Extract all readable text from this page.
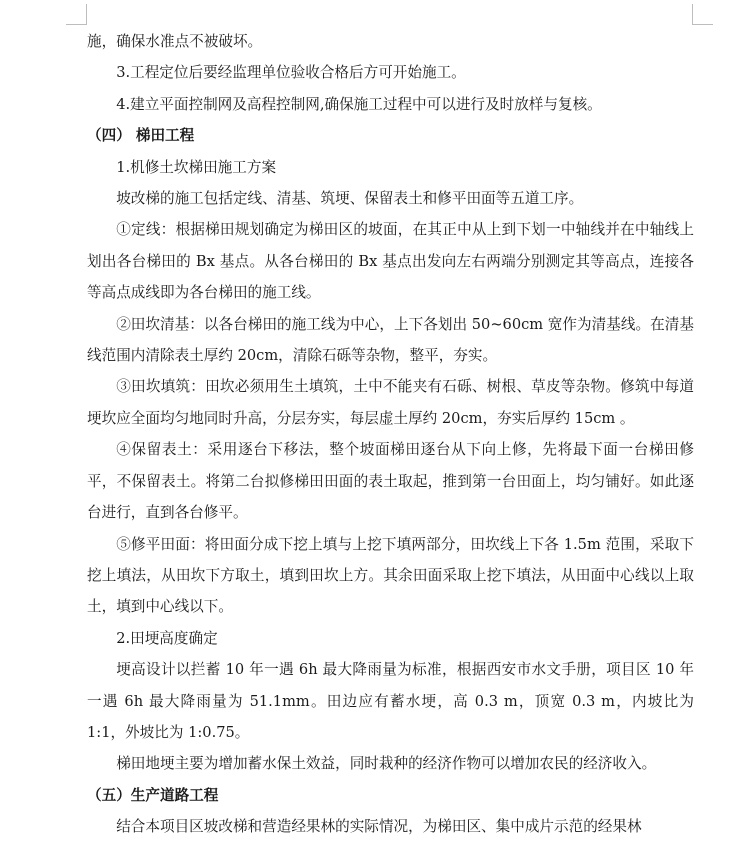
施，确保水准点不被破坏。

3.工程定位后要经监理单位验收合格后方可开始施工。

4.建立平面控制网及高程控制网,确保施工过程中可以进行及时放样与复核。

（四） 梯田工程

1.机修土坎梯田施工方案

坡改梯的施工包括定线、清基、筑埂、保留表土和修平田面等五道工序。

①定线：根据梯田规划确定为梯田区的坡面，在其正中从上到下划一中轴线并在中轴线上划出各台梯田的 Bx 基点。从各台梯田的 Bx 基点出发向左右两端分别测定其等高点，连接各等高点成线即为各台梯田的施工线。

②田坎清基：以各台梯田的施工线为中心，上下各划出 50~60cm 宽作为清基线。在清基线范围内清除表土厚约 20cm，清除石砾等杂物，整平，夯实。

③田坎填筑：田坎必须用生土填筑，土中不能夹有石砾、树根、草皮等杂物。修筑中每道埂坎应全面均匀地同时升高，分层夯实，每层虚土厚约 20cm，夯实后厚约 15cm 。

④保留表土：采用逐台下移法，整个坡面梯田逐台从下向上修，先将最下面一台梯田修平，不保留表土。将第二台拟修梯田田面的表土取起，推到第一台田面上，均匀铺好。如此逐台进行，直到各台修平。

⑤修平田面：将田面分成下挖上填与上挖下填两部分，田坎线上下各 1.5m 范围，采取下挖上填法，从田坎下方取土，填到田坎上方。其余田面采取上挖下填法，从田面中心线以上取土，填到中心线以下。

2.田埂高度确定

埂高设计以拦蓄 10 年一遇 6h 最大降雨量为标准，根据西安市水文手册，项目区 10 年一遇 6h 最大降雨量为 51.1mm。田边应有蓄水埂，高 0.3 m，顶宽 0.3 m，内坡比为 1:1，外坡比为 1:0.75。

梯田地埂主要为增加蓄水保土效益，同时栽种的经济作物可以增加农民的经济收入。

（五）生产道路工程

结合本项目区坡改梯和营造经果林的实际情况，为梯田区、集中成片示范的经果林
